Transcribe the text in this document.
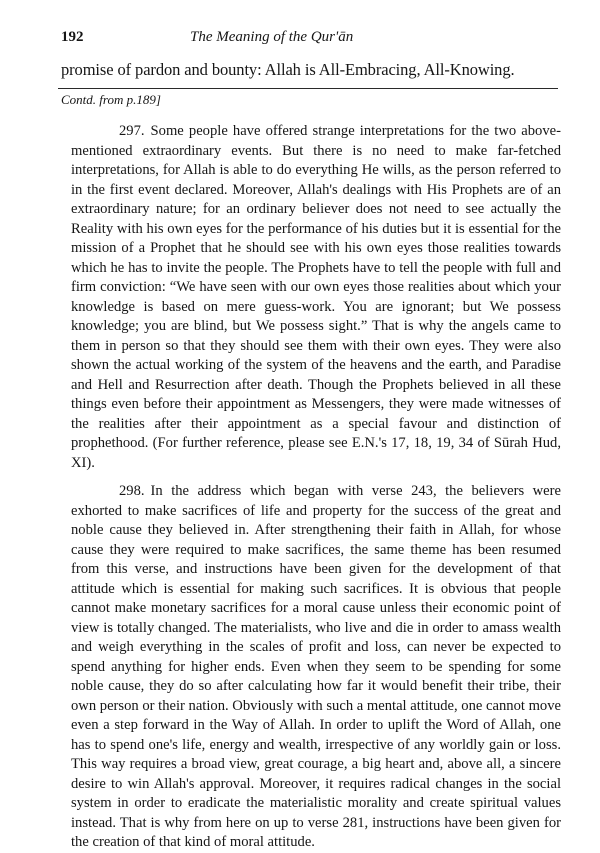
192	The Meaning of the Qur'ān
promise of pardon and bounty: Allah is All-Embracing, All-Knowing.
Contd. from p.189]

297. Some people have offered strange interpretations for the two above-mentioned extraordinary events. But there is no need to make far-fetched interpretations, for Allah is able to do everything He wills, as the person referred to in the first event declared. Moreover, Allah's dealings with His Prophets are of an extraordinary nature; for an ordinary believer does not need to see actually the Reality with his own eyes for the performance of his duties but it is essential for the mission of a Prophet that he should see with his own eyes those realities towards which he has to invite the people. The Prophets have to tell the people with full and firm conviction: “We have seen with our own eyes those realities about which your knowledge is based on mere guess-work. You are ignorant; but We possess knowledge; you are blind, but We possess sight.” That is why the angels came to them in person so that they should see them with their own eyes. They were also shown the actual working of the system of the heavens and the earth, and Paradise and Hell and Resurrection after death. Though the Prophets believed in all these things even before their appointment as Messengers, they were made witnesses of the realities after their appointment as a special favour and distinction of prophethood. (For further reference, please see E.N.'s 17, 18, 19, 34 of Sūrah Hud, XI).

298. In the address which began with verse 243, the believers were exhorted to make sacrifices of life and property for the success of the great and noble cause they believed in. After strengthening their faith in Allah, for whose cause they were required to make sacrifices, the same theme has been resumed from this verse, and instructions have been given for the development of that attitude which is essential for making such sacrifices. It is obvious that people cannot make monetary sacrifices for a moral cause unless their economic point of view is totally changed. The materialists, who live and die in order to amass wealth and weigh everything in the scales of profit and loss, can never be expected to spend anything for higher ends. Even when they seem to be spending for some noble cause, they do so after calculating how far it would benefit their tribe, their own person or their nation. Obviously with such a mental attitude, one cannot move even a step forward in the Way of Allah. In order to uplift the Word of Allah, one has to spend one's life, energy and wealth, irrespective of any worldly gain or loss. This way requires a broad view, great courage, a big heart and, above all, a sincere desire to win Allah's approval. Moreover, it requires radical changes in the social system in order to eradicate the materialistic morality and create spiritual values instead. That is why from here on up to verse 281, instructions have been given for the creation of that kind of moral attitude.
